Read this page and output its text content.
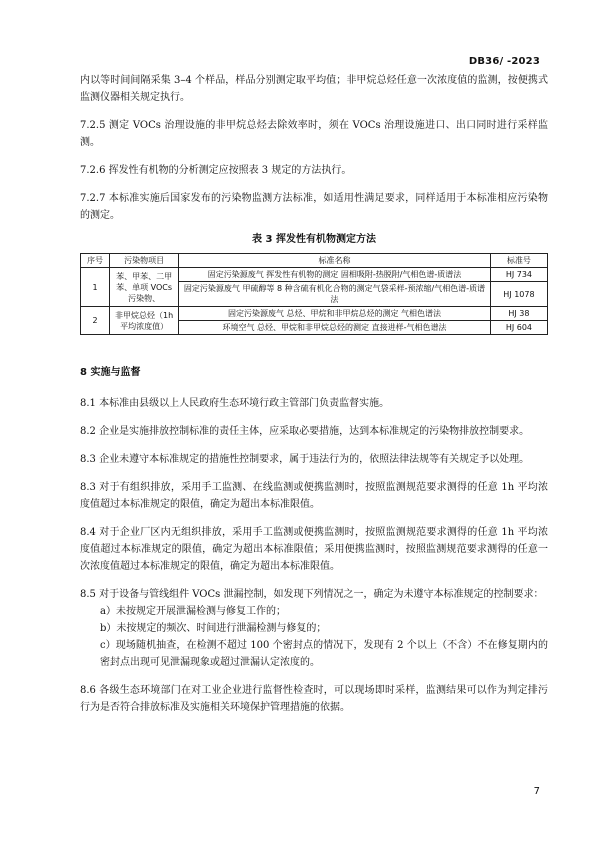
DB36/ -2023

内以等时间间隔采集 3–4 个样品，样品分别测定取平均值；非甲烷总烃任意一次浓度值的监测，按便携式监测仪器相关规定执行。

7.2.5 测定 VOCs 治理设施的非甲烷总烃去除效率时，须在 VOCs 治理设施进口、出口同时进行采样监测。

7.2.6 挥发性有机物的分析测定应按照表 3 规定的方法执行。

7.2.7 本标准实施后国家发布的污染物监测方法标准，如适用性满足要求，同样适用于本标准相应污染物的测定。

表 3 挥发性有机物测定方法
序号	污染物项目	标准名称	标准号
1	苯、甲苯、二甲苯、单项 VOCs 污染物、	固定污染源废气 挥发性有机物的测定 固相吸附-热脱附/气相色谱-质谱法	HJ 734
		固定污染源废气 甲硫醇等 8 种含硫有机化合物的测定气袋采样-预浓缩/气相色谱-质谱法	HJ 1078
2	非甲烷总烃（1h 平均浓度值）	固定污染源废气 总烃、甲烷和非甲烷总烃的测定 气相色谱法	HJ 38
		环境空气 总烃、甲烷和非甲烷总烃的测定 直接进样-气相色谱法	HJ 604
8 实施与监督

8.1 本标准由县级以上人民政府生态环境行政主管部门负责监督实施。

8.2 企业是实施排放控制标准的责任主体，应采取必要措施，达到本标准规定的污染物排放控制要求。

8.3 企业未遵守本标准规定的措施性控制要求，属于违法行为的，依照法律法规等有关规定予以处理。

8.3 对于有组织排放，采用手工监测、在线监测或便携监测时，按照监测规范要求测得的任意 1h 平均浓度值超过本标准规定的限值，确定为超出本标准限值。

8.4 对于企业厂区内无组织排放，采用手工监测或便携监测时，按照监测规范要求测得的任意 1h 平均浓度值超过本标准规定的限值，确定为超出本标准限值；采用便携监测时，按照监测规范要求测得的任意一次浓度值超过本标准规定的限值，确定为超出本标准限值。

8.5 对于设备与管线组件 VOCs 泄漏控制，如发现下列情况之一，确定为未遵守本标准规定的控制要求：

a）未按规定开展泄漏检测与修复工作的；

b）未按规定的频次、时间进行泄漏检测与修复的；

c）现场随机抽查，在检测不超过 100 个密封点的情况下，发现有 2 个以上（不含）不在修复期内的密封点出现可见泄漏现象或超过泄漏认定浓度的。

8.6 各级生态环境部门在对工业企业进行监督性检查时，可以现场即时采样，监测结果可以作为判定排污行为是否符合排放标准及实施相关环境保护管理措施的依据。

7
